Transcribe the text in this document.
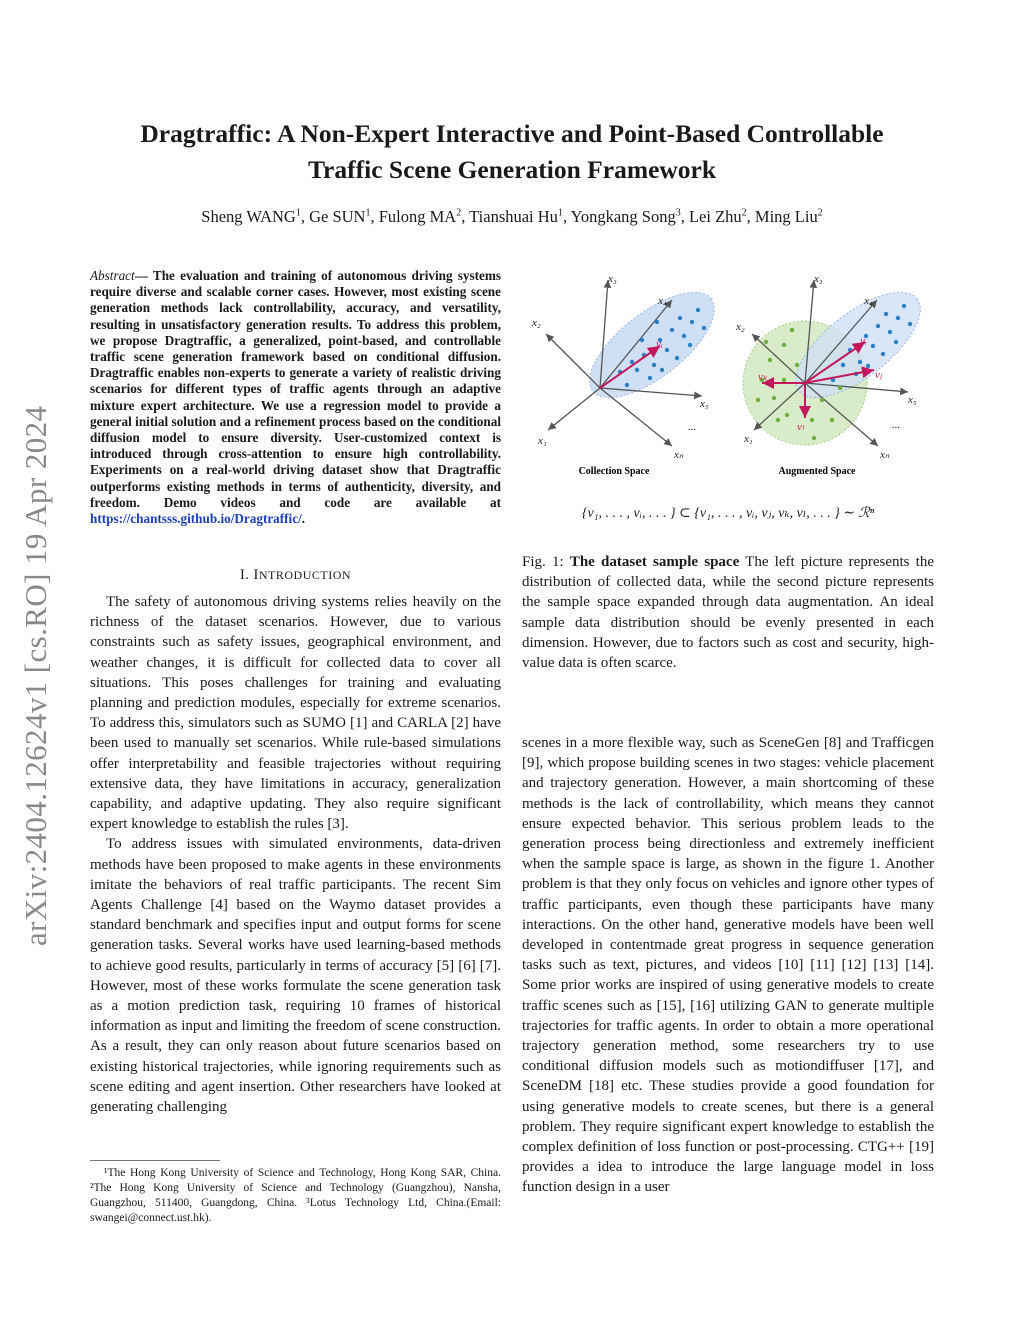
arXiv:2404.12624v1 [cs.RO] 19 Apr 2024
Dragtraffic: A Non-Expert Interactive and Point-Based Controllable
Traffic Scene Generation Framework
Sheng WANG$^1$, Ge SUN$^1$, Fulong $MA^2$, Tianshuai Hu$^1$, Yongkang Song$^3$, Lei Zhu$^2$, Ming Liu$^2$
Abstract— The evaluation and training of autonomous driving systems require diverse and scalable corner cases. However, most existing scene generation methods lack controllability, accuracy, and versatility, resulting in unsatisfactory generation results. To address this problem, we propose Dragtraffic, a generalized, point-based, and controllable traffic scene generation framework based on conditional diffusion. Dragtraffic enables non-experts to generate a variety of realistic driving scenarios for different types of traffic agents through an adaptive mixture expert architecture. We use a regression model to provide a general initial solution and a refinement process based on the conditional diffusion model to ensure diversity. User-customized context is introduced through cross-attention to ensure high controllability. Experiments on a real-world driving dataset show that Dragtraffic outperforms existing methods in terms of authenticity, diversity, and freedom. Demo videos and code are available at https://chantsss.github.io/Dragtraffic/.
I. INTRODUCTION

The safety of autonomous driving systems relies heavily on the richness of the dataset scenarios. However, due to various constraints such as safety issues, geographical environment, and weather changes, it is difficult for collected data to cover all situations. This poses challenges for training and evaluating planning and prediction modules, especially for extreme scenarios. To address this, simulators such as SUMO [1] and CARLA [2] have been used to manually set scenarios. While rule-based simulations offer interpretability and feasible trajectories without requiring extensive data, they have limitations in accuracy, generalization capability, and adaptive updating. They also require significant expert knowledge to establish the rules [3].

To address issues with simulated environments, data-driven methods have been proposed to make agents in these environments imitate the behaviors of real traffic participants. The recent Sim Agents Challenge [4] based on the Waymo dataset provides a standard benchmark and specifies input and output forms for scene generation tasks. Several works have used learning-based methods to achieve good results, particularly in terms of accuracy [5] [6] [7]. However, most of these works formulate the scene generation task as a motion prediction task, requiring 10 frames of historical information as input and limiting the freedom of scene construction. As a result, they can only reason about future scenarios based on existing historical trajectories, while ignoring requirements such as scene editing and agent insertion. Other researchers have looked at generating challenging

¹The Hong Kong University of Science and Technology, Hong Kong SAR, China. ²The Hong Kong University of Science and Technology (Guangzhou), Nansha, Guangzhou, 511400, Guangdong, China. ³Lotus Technology Ltd, China.(Email: swangei@connect.ust.hk).

x₃
x₄
x₂
x₅
x₁
xₙ
...
vᵢ
Collection Space
x₃
x₄
x₂
x₅
x₁
xₙ
...
vᵢ
vⱼ
vₖ
vₗ
Augmented Space
{v₁, . . . , vᵢ, . . . } ⊂ {v₁, . . . , vᵢ, vⱼ, vₖ, vₗ, . . . } ∼ ℛⁿ
Fig. 1: The dataset sample space The left picture represents the distribution of collected data, while the second picture represents the sample space expanded through data augmentation. An ideal sample data distribution should be evenly presented in each dimension. However, due to factors such as cost and security, high-value data is often scarce.

scenes in a more flexible way, such as SceneGen [8] and Trafficgen [9], which propose building scenes in two stages: vehicle placement and trajectory generation. However, a main shortcoming of these methods is the lack of controllability, which means they cannot ensure expected behavior. This serious problem leads to the generation process being directionless and extremely inefficient when the sample space is large, as shown in the figure 1. Another problem is that they only focus on vehicles and ignore other types of traffic participants, even though these participants have many interactions. On the other hand, generative models have been well developed in contentmade great progress in sequence generation tasks such as text, pictures, and videos [10] [11] [12] [13] [14]. Some prior works are inspired of using generative models to create traffic scenes such as [15], [16] utilizing GAN to generate multiple trajectories for traffic agents. In order to obtain a more operational trajectory generation method, some researchers try to use conditional diffusion models such as motiondiffuser [17], and SceneDM [18] etc. These studies provide a good foundation for using generative models to create scenes, but there is a general problem. They require significant expert knowledge to establish the complex definition of loss function or post-processing. CTG++ [19] provides a idea to introduce the large language model in loss function design in a user
